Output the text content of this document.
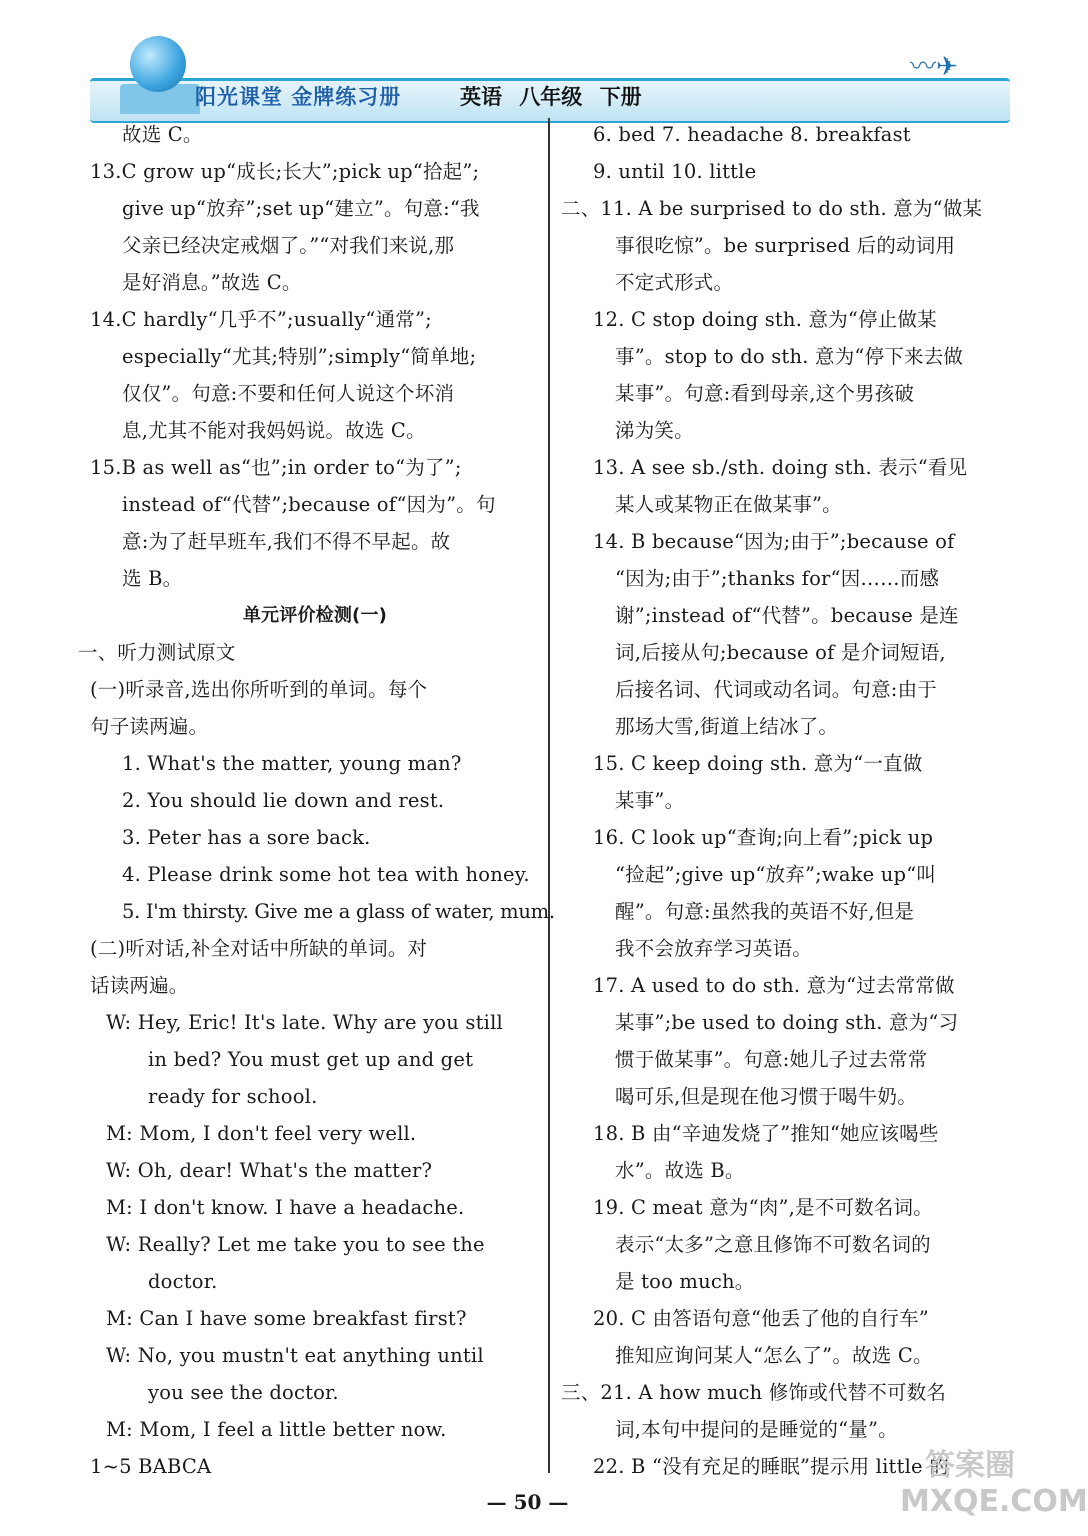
阳光课堂 金牌练习册	英语 八年级 下册
〰✈
故选 C。
13.C grow up“成长;长大”;pick up“拾起”;
give up“放弃”;set up“建立”。句意:“我
父亲已经决定戒烟了。”“对我们来说,那
是好消息。”故选 C。
14.C hardly“几乎不”;usually“通常”;
especially“尤其;特别”;simply“简单地;
仅仅”。句意:不要和任何人说这个坏消
息,尤其不能对我妈妈说。故选 C。
15.B as well as“也”;in order to“为了”;
instead of“代替”;because of“因为”。句
意:为了赶早班车,我们不得不早起。故
选 B。
单元评价检测(一)
一、听力测试原文
(一)听录音,选出你所听到的单词。每个
句子读两遍。
1. What's the matter, young man?
2. You should lie down and rest.
3. Peter has a sore back.
4. Please drink some hot tea with honey.
5. I'm thirsty. Give me a glass of water, mum.
(二)听对话,补全对话中所缺的单词。对
话读两遍。
W: Hey, Eric! It's late. Why are you still
in bed? You must get up and get
ready for school.
M: Mom, I don't feel very well.
W: Oh, dear! What's the matter?
M: I don't know. I have a headache.
W: Really? Let me take you to see the
doctor.
M: Can I have some breakfast first?
W: No, you mustn't eat anything until
you see the doctor.
M: Mom, I feel a little better now.
1~5 BABCA
6. bed 7. headache 8. breakfast
9. until 10. little
二、11. A be surprised to do sth. 意为“做某
事很吃惊”。be surprised 后的动词用
不定式形式。
12. C stop doing sth. 意为“停止做某
事”。stop to do sth. 意为“停下来去做
某事”。句意:看到母亲,这个男孩破
涕为笑。
13. A see sb./sth. doing sth. 表示“看见
某人或某物正在做某事”。
14. B because“因为;由于”;because of
“因为;由于”;thanks for“因……而感
谢”;instead of“代替”。because 是连
词,后接从句;because of 是介词短语,
后接名词、代词或动名词。句意:由于
那场大雪,街道上结冰了。
15. C keep doing sth. 意为“一直做
某事”。
16. C look up“查询;向上看”;pick up
“捡起”;give up“放弃”;wake up“叫
醒”。句意:虽然我的英语不好,但是
我不会放弃学习英语。
17. A used to do sth. 意为“过去常常做
某事”;be used to doing sth. 意为“习
惯于做某事”。句意:她儿子过去常常
喝可乐,但是现在他习惯于喝牛奶。
18. B 由“辛迪发烧了”推知“她应该喝些
水”。故选 B。
19. C meat 意为“肉”,是不可数名词。
表示“太多”之意且修饰不可数名词的
是 too much。
20. C 由答语句意“他丢了他的自行车”
推知应询问某人“怎么了”。故选 C。
三、21. A how much 修饰或代替不可数名
词,本句中提问的是睡觉的“量”。
22. B “没有充足的睡眠”提示用 little 的
— 50 —
答案圈 MXQE.COM
